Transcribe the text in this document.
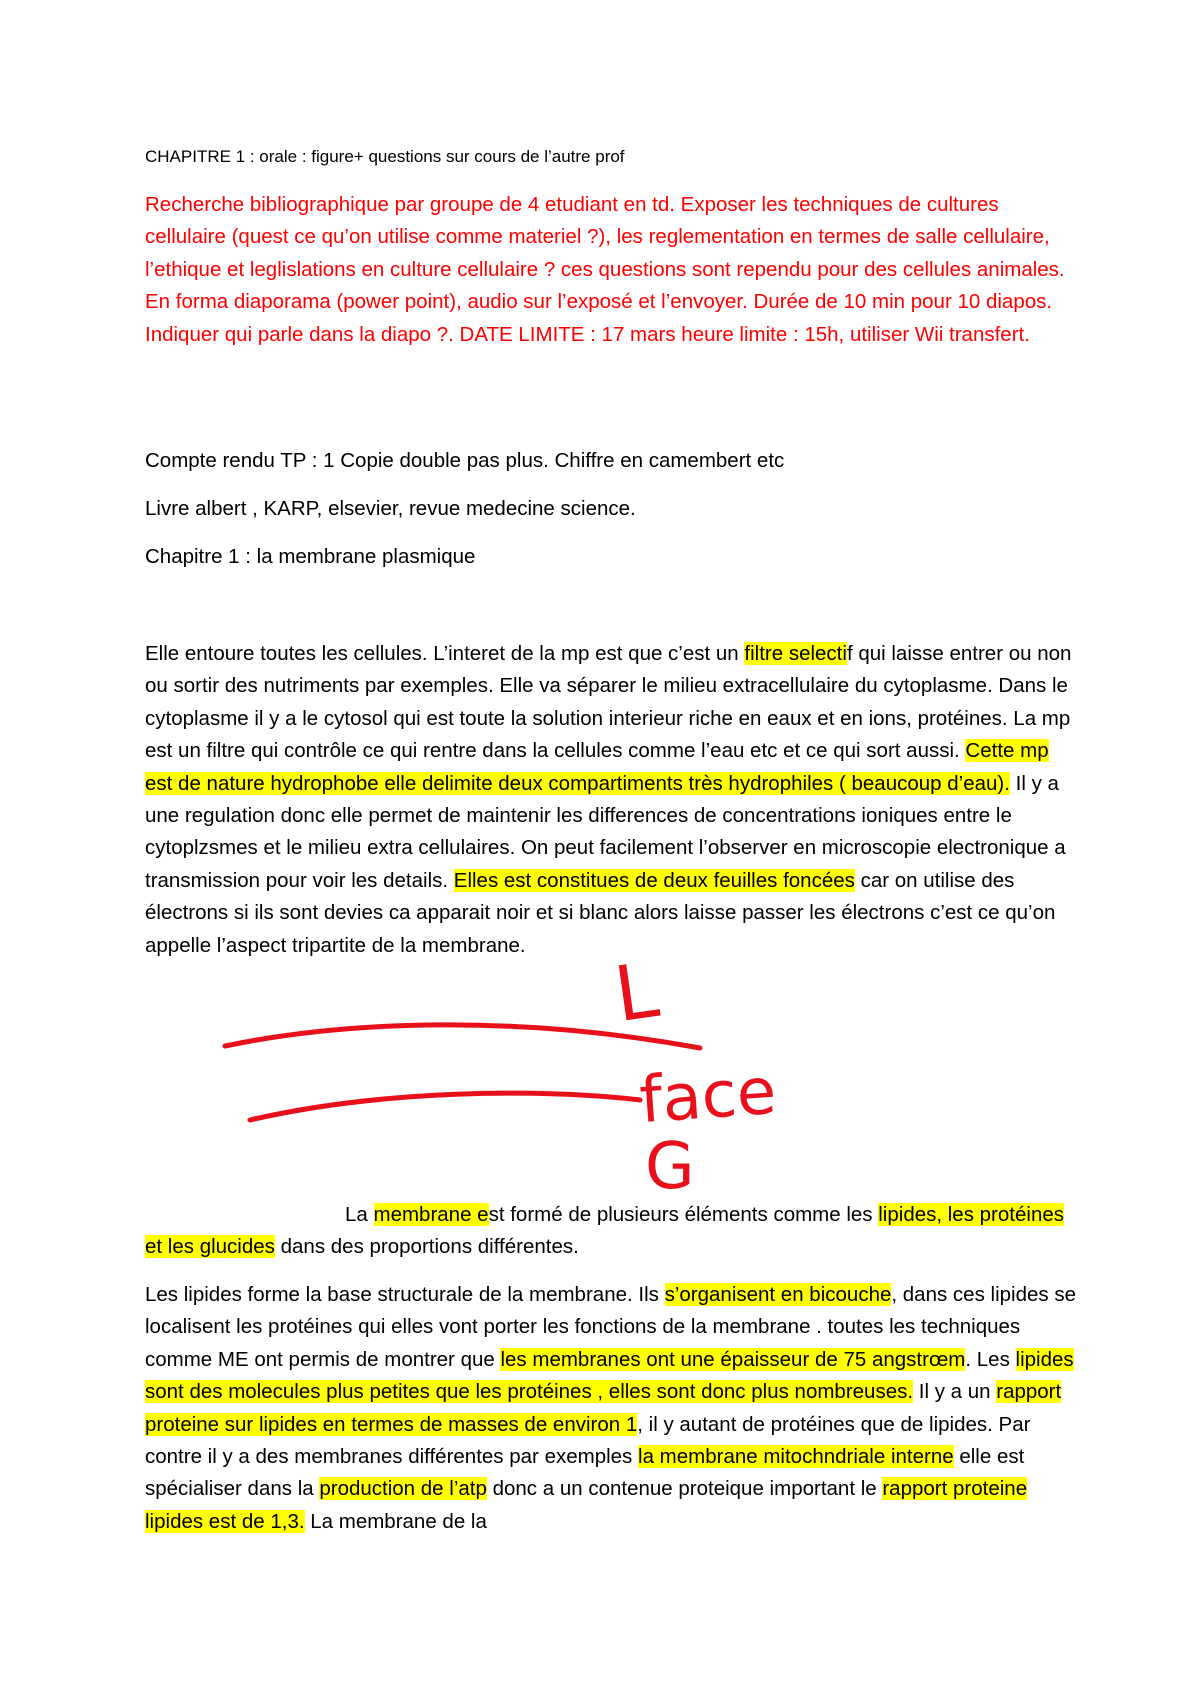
CHAPITRE 1 : orale : figure+ questions sur cours de l’autre prof

Recherche bibliographique par groupe de 4 etudiant en td. Exposer les techniques de cultures cellulaire (quest ce qu’on utilise comme materiel ?), les reglementation en termes de salle cellulaire, l’ethique et leglislations en culture cellulaire ? ces questions sont rependu pour des cellules animales. En forma diaporama (power point), audio sur l’exposé et l’envoyer. Durée de 10 min pour 10 diapos. Indiquer qui parle dans la diapo ?. DATE LIMITE : 17 mars heure limite : 15h, utiliser Wii transfert.

Compte rendu TP : 1 Copie double pas plus. Chiffre en camembert etc

Livre albert , KARP, elsevier, revue medecine science.

Chapitre 1 : la membrane plasmique

Elle entoure toutes les cellules. L’interet de la mp est que c’est un filtre selectif qui laisse entrer ou non ou sortir des nutriments par exemples. Elle va séparer le milieu extracellulaire du cytoplasme. Dans le cytoplasme il y a le cytosol qui est toute la solution interieur riche en eaux et en ions, protéines. La mp est un filtre qui contrôle ce qui rentre dans la cellules comme l’eau etc et ce qui sort aussi. Cette mp est de nature hydrophobe elle delimite deux compartiments très hydrophiles ( beaucoup d’eau). Il y a une regulation donc elle permet de maintenir les differences de concentrations ioniques entre le cytoplzsmes et le milieu extra cellulaires. On peut facilement l’observer en microscopie electronique a transmission pour voir les details. Elles est constitues de deux feuilles foncées car on utilise des électrons si ils sont devies ca apparait noir et si blanc alors laisse passer les électrons c’est ce qu’on appelle l’aspect tripartite de la membrane.	L
face
G

La membrane est formé de plusieurs éléments comme les lipides, les protéines et les glucides dans des proportions différentes.

Les lipides forme la base structurale de la membrane. Ils s’organisent en bicouche, dans ces lipides se localisent les protéines qui elles vont porter les fonctions de la membrane . toutes les techniques comme ME ont permis de montrer que les membranes ont une épaisseur de 75 angstrœm. Les lipides sont des molecules plus petites que les protéines , elles sont donc plus nombreuses. Il y a un rapport proteine sur lipides en termes de masses de environ 1, il y autant de protéines que de lipides. Par contre il y a des membranes différentes par exemples la membrane mitochndriale interne elle est spécialiser dans la production de l’atp donc a un contenue proteique important le rapport proteine lipides est de 1,3. La membrane de la
